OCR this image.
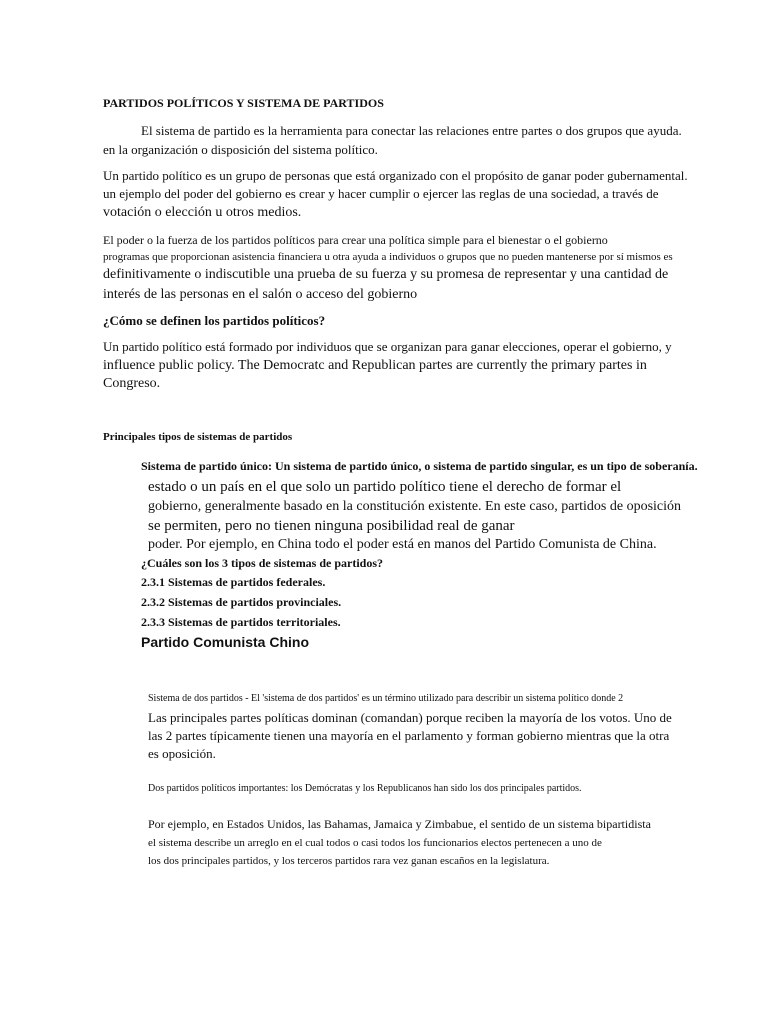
PARTIDOS POLÍTICOS Y SISTEMA DE PARTIDOS
El sistema de partido es la herramienta para conectar las relaciones entre partes o dos grupos que ayuda.
en la organización o disposición del sistema político.
Un partido político es un grupo de personas que está organizado con el propósito de ganar poder gubernamental.
un ejemplo del poder del gobierno es crear y hacer cumplir o ejercer las reglas de una sociedad, a través de
votación o elección u otros medios.
El poder o la fuerza de los partidos políticos para crear una política simple para el bienestar o el gobierno
programas que proporcionan asistencia financiera u otra ayuda a individuos o grupos que no pueden mantenerse por sí mismos es
definitivamente o indiscutible una prueba de su fuerza y su promesa de representar y una cantidad de
interés de las personas en el salón o acceso del gobierno
¿Cómo se definen los partidos políticos?
Un partido político está formado por individuos que se organizan para ganar elecciones, operar el gobierno, y
influence public policy. The Democratc and Republican partes are currently the primary partes in
Congreso.
Principales tipos de sistemas de partidos
Sistema de partido único: Un sistema de partido único, o sistema de partido singular, es un tipo de soberanía.
estado o un país en el que solo un partido político tiene el derecho de formar el
gobierno, generalmente basado en la constitución existente. En este caso, partidos de oposición
se permiten, pero no tienen ninguna posibilidad real de ganar
poder. Por ejemplo, en China todo el poder está en manos del Partido Comunista de China.
¿Cuáles son los 3 tipos de sistemas de partidos?
2.3.1 Sistemas de partidos federales.
2.3.2 Sistemas de partidos provinciales.
2.3.3 Sistemas de partidos territoriales.
Partido Comunista Chino
Sistema de dos partidos - El 'sistema de dos partidos' es un término utilizado para describir un sistema político donde 2
Las principales partes políticas dominan (comandan) porque reciben la mayoría de los votos. Uno de
las 2 partes típicamente tienen una mayoría en el parlamento y forman gobierno mientras que la otra
es oposición.
Dos partidos políticos importantes: los Demócratas y los Republicanos han sido los dos principales partidos.
Por ejemplo, en Estados Unidos, las Bahamas, Jamaica y Zimbabue, el sentido de un sistema bipartidista
el sistema describe un arreglo en el cual todos o casi todos los funcionarios electos pertenecen a uno de
los dos principales partidos, y los terceros partidos rara vez ganan escaños en la legislatura.
